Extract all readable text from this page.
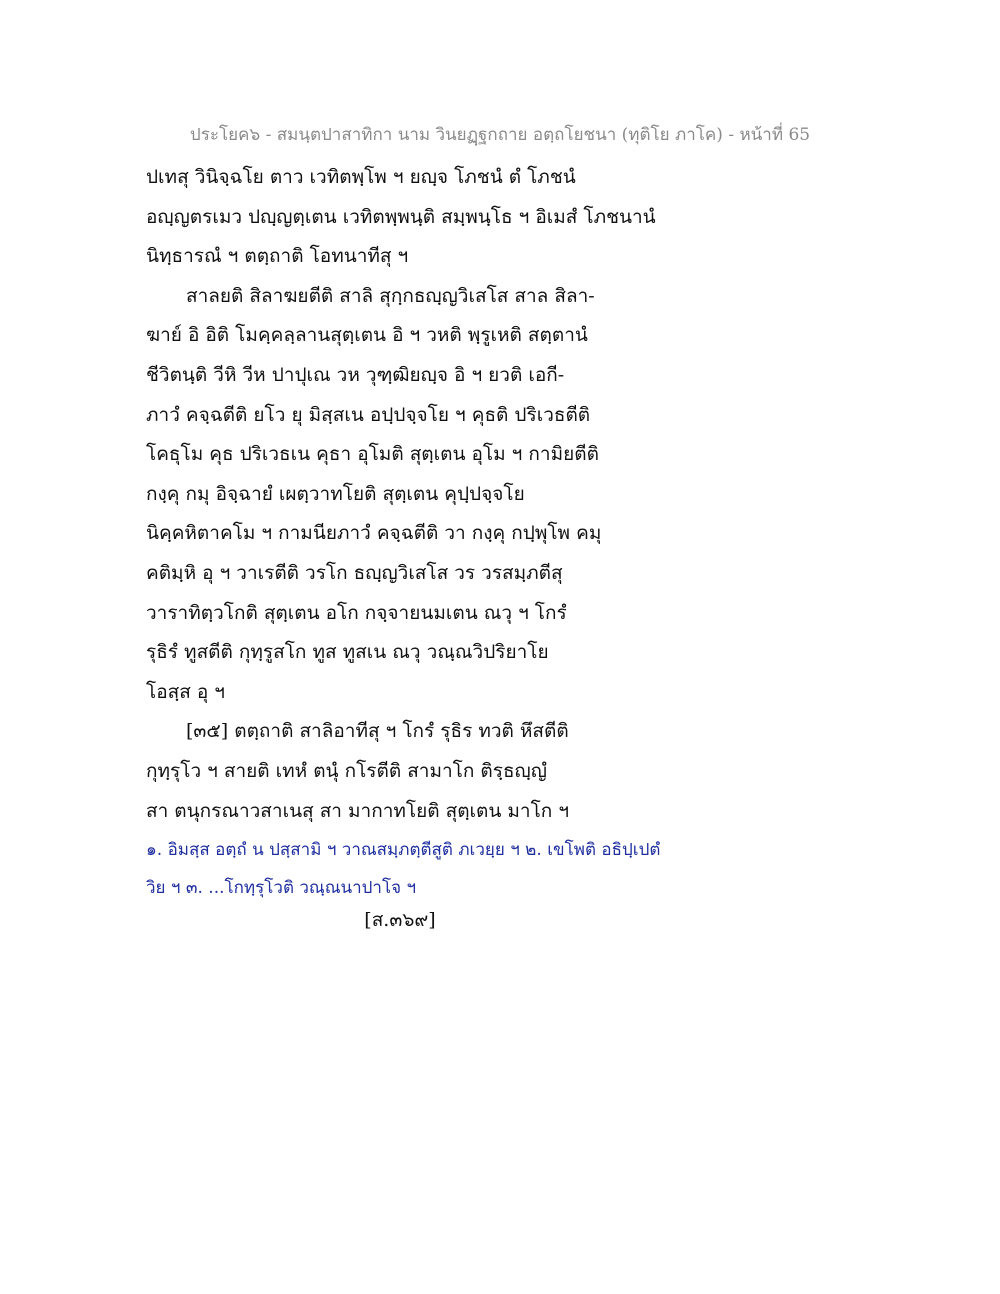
ประโยค๖ - สมนฺตปาสาทิกา นาม วินยฏฺฐกถาย อตฺถโยชนา (ทุติโย ภาโค) - หน้าที่ 65
ปเทสุ วินิจฺฉโย ตาว เวทิตพฺโพ ฯ ยญฺจ โภชนํ ตํ โภชนํ
อญฺญตรเมว ปญฺญตฺเตน เวทิตพฺพนฺติ สมฺพนฺโธ ฯ อิเมสํ โภชนานํ
นิทฺธารณํ ฯ ตตฺถาติ โอทนาทีสุ ฯ
สาลยติ สิลาฆยตีติ สาลิ สุกฺกธญฺญวิเสโส สาล สิลา-
ฆาย์ อิ อิติ โมคฺคลฺลานสุตฺเตน อิ ฯ วหติ พฺรูเหติ สตฺตานํ
ชีวิตนฺติ วีหิ วีห ปาปุเณ วห วุฑฺฒิยญฺจ อิ ฯ ยวติ เอกี-
ภาวํ คจฺฉตีติ ยโว ยุ มิสฺสเน อปฺปจฺจโย ฯ คุธติ ปริเวธตีติ
โคธุโม คุธ ปริเวธเน คุธา อุโมติ สุตฺเตน อุโม ฯ กามิยตีติ
กงฺคุ กมุ อิจฺฉายํ เผตฺวาทโยติ สุตฺเตน คุปฺปจฺจโย
นิคฺคหิตาคโม ฯ กามนียภาวํ คจฺฉตีติ วา กงฺคุ กปฺพุโพ คมุ
คติมฺหิ อุ ฯ วาเรตีติ วรโก ธญฺญวิเสโส วร วรสมฺภตีสุ
วาราทิตฺวโกติ สุตฺเตน อโก กจฺจายนมเตน ณวุ ฯ โกรํ
รุธิรํ ทูสตีติ กุทฺรูสโก ทูส ทูสเน ณวุ วณฺณวิปริยาโย
โอสฺส อุ ฯ
[๓๕] ตตฺถาติ สาลิอาทีสุ ฯ โกรํ รุธิร ทวติ หึสตีติ
กุทฺรุโว ฯ สายติ เทหํ ตนุํ กโรตีติ สามาโก ติรฺธญฺญํ
สา ตนุกรณาวสาเนสุ สา มากาทโยติ สุตฺเตน มาโก ฯ
๑. อิมสฺส อตฺถํ น ปสฺสามิ ฯ วาณสมฺภตฺตีสูติ ภเวยฺย ฯ ๒. เขโพติ อธิปฺเปตํ
วิย ฯ ๓. ...โกทฺรุโวติ วณฺณนาปาโจ ฯ
[ส.๓๖๙]
